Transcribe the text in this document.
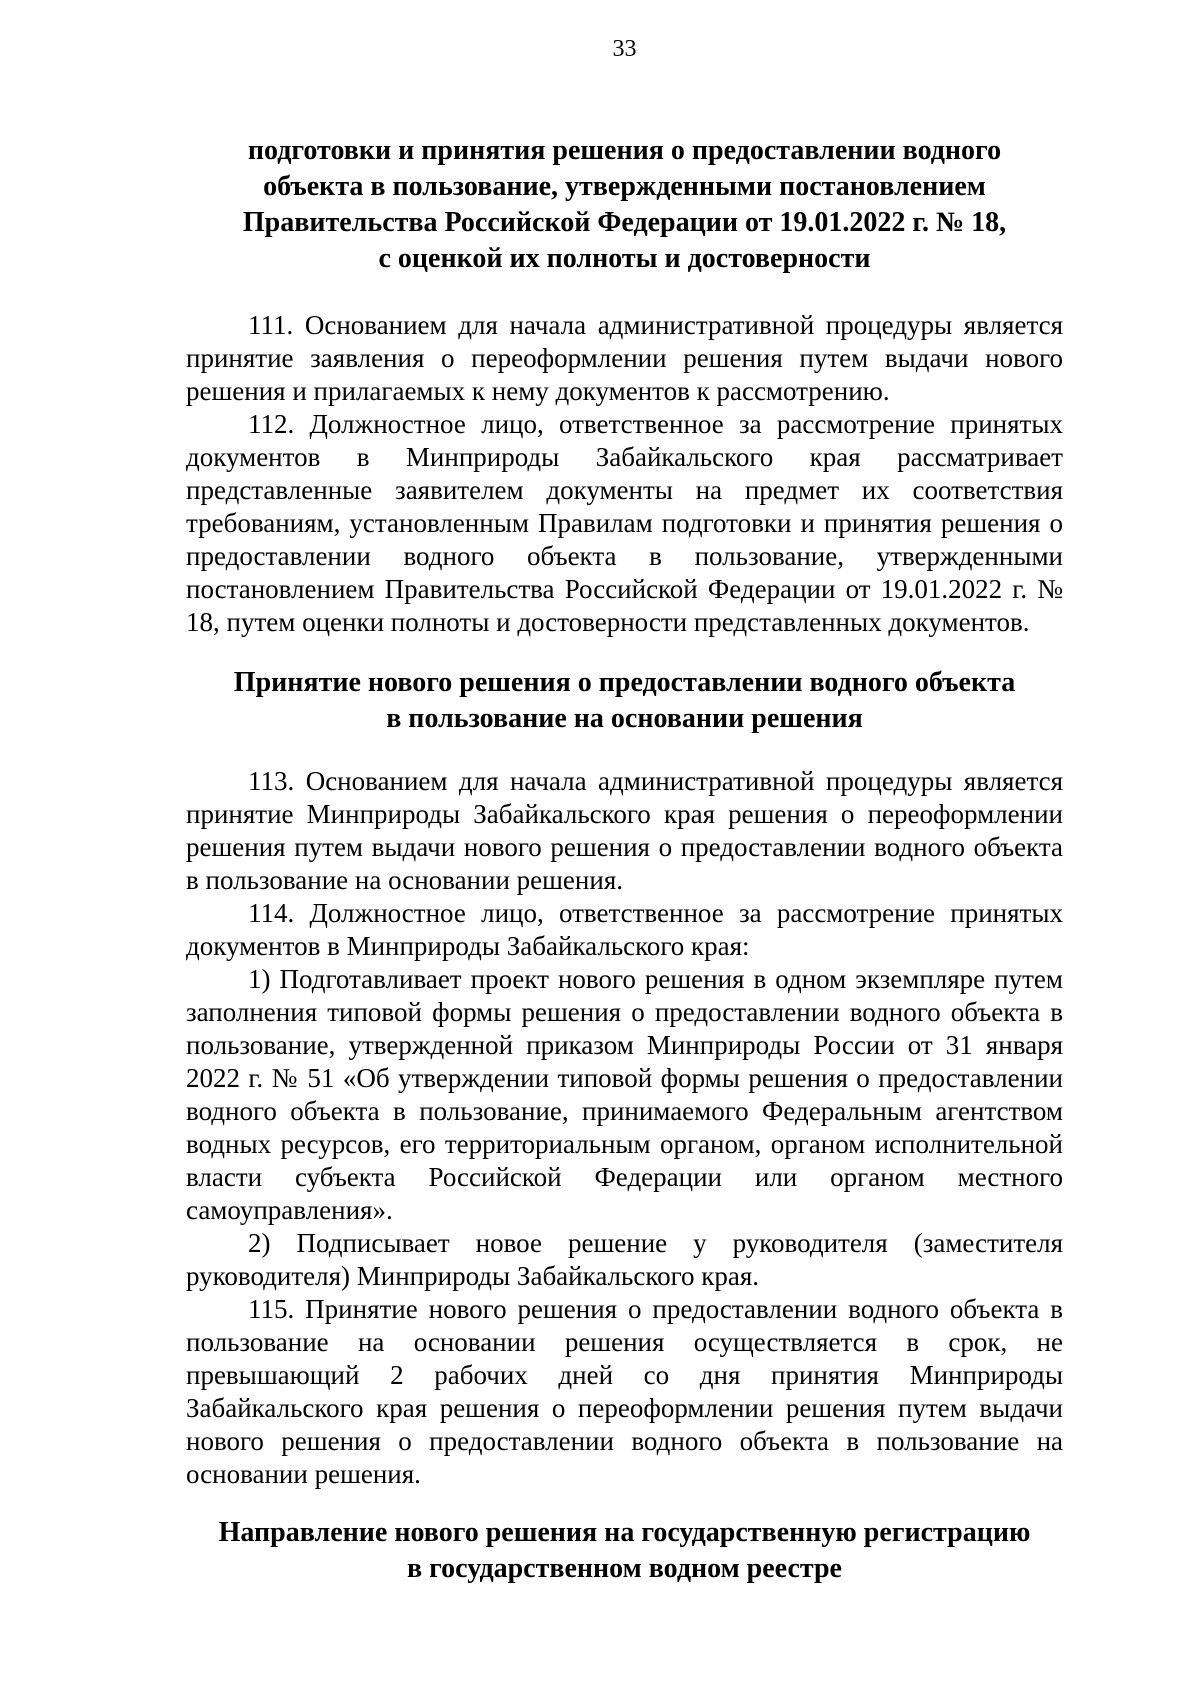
33
подготовки и принятия решения о предоставлении водного
объекта в пользование, утвержденными постановлением
Правительства Российской Федерации от 19.01.2022 г. № 18,
с оценкой их полноты и достоверности

111. Основанием для начала административной процедуры является принятие заявления о переоформлении решения путем выдачи нового решения и прилагаемых к нему документов к рассмотрению.

112. Должностное лицо, ответственное за рассмотрение принятых документов в Минприроды Забайкальского края рассматривает представленные заявителем документы на предмет их соответствия требованиям, установленным Правилам подготовки и принятия решения о предоставлении водного объекта в пользование, утвержденными постановлением Правительства Российской Федерации от 19.01.2022 г. № 18, путем оценки полноты и достоверности представленных документов.

Принятие нового решения о предоставлении водного объекта
в пользование на основании решения

113. Основанием для начала административной процедуры является принятие Минприроды Забайкальского края решения о переоформлении решения путем выдачи нового решения о предоставлении водного объекта в пользование на основании решения.

114. Должностное лицо, ответственное за рассмотрение принятых документов в Минприроды Забайкальского края:

1) Подготавливает проект нового решения в одном экземпляре путем заполнения типовой формы решения о предоставлении водного объекта в пользование, утвержденной приказом Минприроды России от 31 января 2022 г. № 51 «Об утверждении типовой формы решения о предоставлении водного объекта в пользование, принимаемого Федеральным агентством водных ресурсов, его территориальным органом, органом исполнительной власти субъекта Российской Федерации или органом местного самоуправления».

2) Подписывает новое решение у руководителя (заместителя руководителя) Минприроды Забайкальского края.

115. Принятие нового решения о предоставлении водного объекта в пользование на основании решения осуществляется в срок, не превышающий 2 рабочих дней со дня принятия Минприроды Забайкальского края решения о переоформлении решения путем выдачи нового решения о предоставлении водного объекта в пользование на основании решения.

Направление нового решения на государственную регистрацию
в государственном водном реестре
